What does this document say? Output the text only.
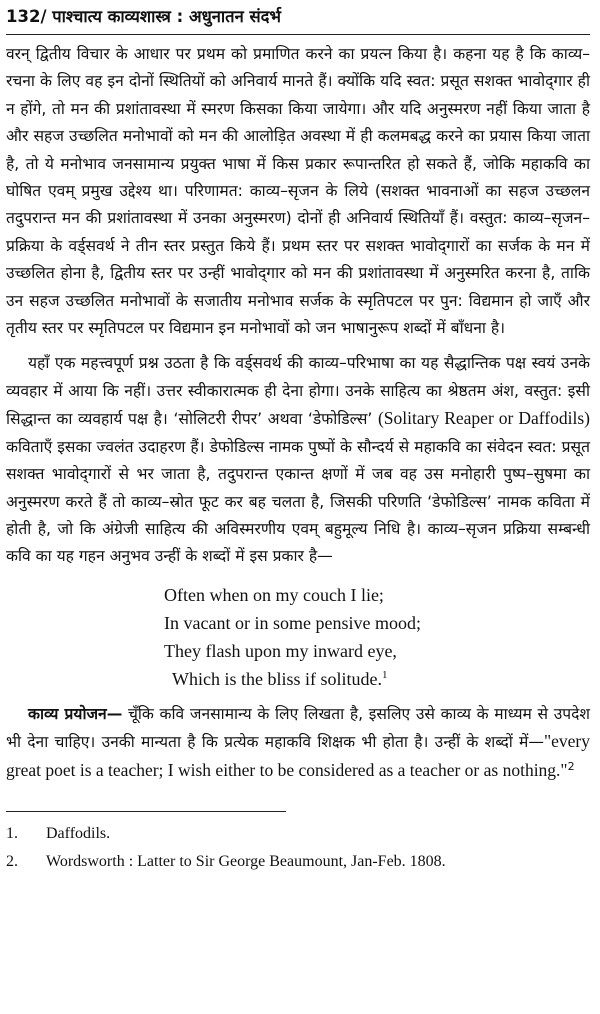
132/ पाश्चात्य काव्यशास्त्र : अधुनातन संदर्भ

वरन् द्वितीय विचार के आधार पर प्रथम को प्रमाणित करने का प्रयत्न किया है। कहना यह है कि काव्य–रचना के लिए वह इन दोनों स्थितियों को अनिवार्य मानते हैं। क्योंकि यदि स्वत: प्रसूत सशक्त भावोद्‌गार ही न होंगे, तो मन की प्रशांतावस्था में स्मरण किसका किया जायेगा। और यदि अनुस्मरण नहीं किया जाता है और सहज उच्छलित मनोभावों को मन की आलोड़ित अवस्था में ही कलमबद्ध करने का प्रयास किया जाता है, तो ये मनोभाव जनसामान्य प्रयुक्त भाषा में किस प्रकार रूपान्तरित हो सकते हैं, जोकि महाकवि का घोषित एवम् प्रमुख उद्देश्य था। परिणामत: काव्य–सृजन के लिये (सशक्त भावनाओं का सहज उच्छलन तदुपरान्त मन की प्रशांतावस्था में उनका अनुस्मरण) दोनों ही अनिवार्य स्थितियाँ हैं। वस्तुत: काव्य–सृजन–प्रक्रिया के वर्ड्सवर्थ ने तीन स्तर प्रस्तुत किये हैं। प्रथम स्तर पर सशक्त भावोद्‌गारों का सर्जक के मन में उच्छलित होना है, द्वितीय स्तर पर उन्हीं भावोद्‌गार को मन की प्रशांतावस्था में अनुस्मरित करना है, ताकि उन सहज उच्छलित मनोभावों के सजातीय मनोभाव सर्जक के स्मृतिपटल पर पुन: विद्यमान हो जाएँ और तृतीय स्तर पर स्मृतिपटल पर विद्यमान इन मनोभावों को जन भाषानुरूप शब्दों में बाँधना है।

यहाँ एक महत्त्वपूर्ण प्रश्न उठता है कि वर्ड्सवर्थ की काव्य–परिभाषा का यह सैद्धान्तिक पक्ष स्वयं उनके व्यवहार में आया कि नहीं। उत्तर स्वीकारात्मक ही देना होगा। उनके साहित्य का श्रेष्ठतम अंश, वस्तुत: इसी सिद्धान्त का व्यवहार्य पक्ष है। ‘सोलिटरी रीपर’ अथवा ‘डेफोडिल्स’ (Solitary Reaper or Daffodils) कविताएँ इसका ज्वलंत उदाहरण हैं। डेफोडिल्स नामक पुष्पों के सौन्दर्य से महाकवि का संवेदन स्वत: प्रसूत सशक्त भावोद्‌गारों से भर जाता है, तदुपरान्त एकान्त क्षणों में जब वह उस मनोहारी पुष्प–सुषमा का अनुस्मरण करते हैं तो काव्य–स्रोत फूट कर बह चलता है, जिसकी परिणति ‘डेफोडिल्स’ नामक कविता में होती है, जो कि अंग्रेजी साहित्य की अविस्मरणीय एवम् बहुमूल्य निधि है। काव्य–सृजन प्रक्रिया सम्बन्धी कवि का यह गहन अनुभव उन्हीं के शब्दों में इस प्रकार है—

Often when on my couch I lie;
In vacant or in some pensive mood;
They flash upon my inward eye,
Which is the bliss if solitude.$^1$

काव्य प्रयोजन— चूँकि कवि जनसामान्य के लिए लिखता है, इसलिए उसे काव्य के माध्यम से उपदेश भी देना चाहिए। उनकी मान्यता है कि प्रत्येक महाकवि शिक्षक भी होता है। उन्हीं के शब्दों में—"every great poet is a teacher; I wish either to be considered as a teacher or as nothing."$^2$

1.	Daffodils.
2.	Wordsworth : Latter to Sir George Beaumount, Jan-Feb. 1808.
